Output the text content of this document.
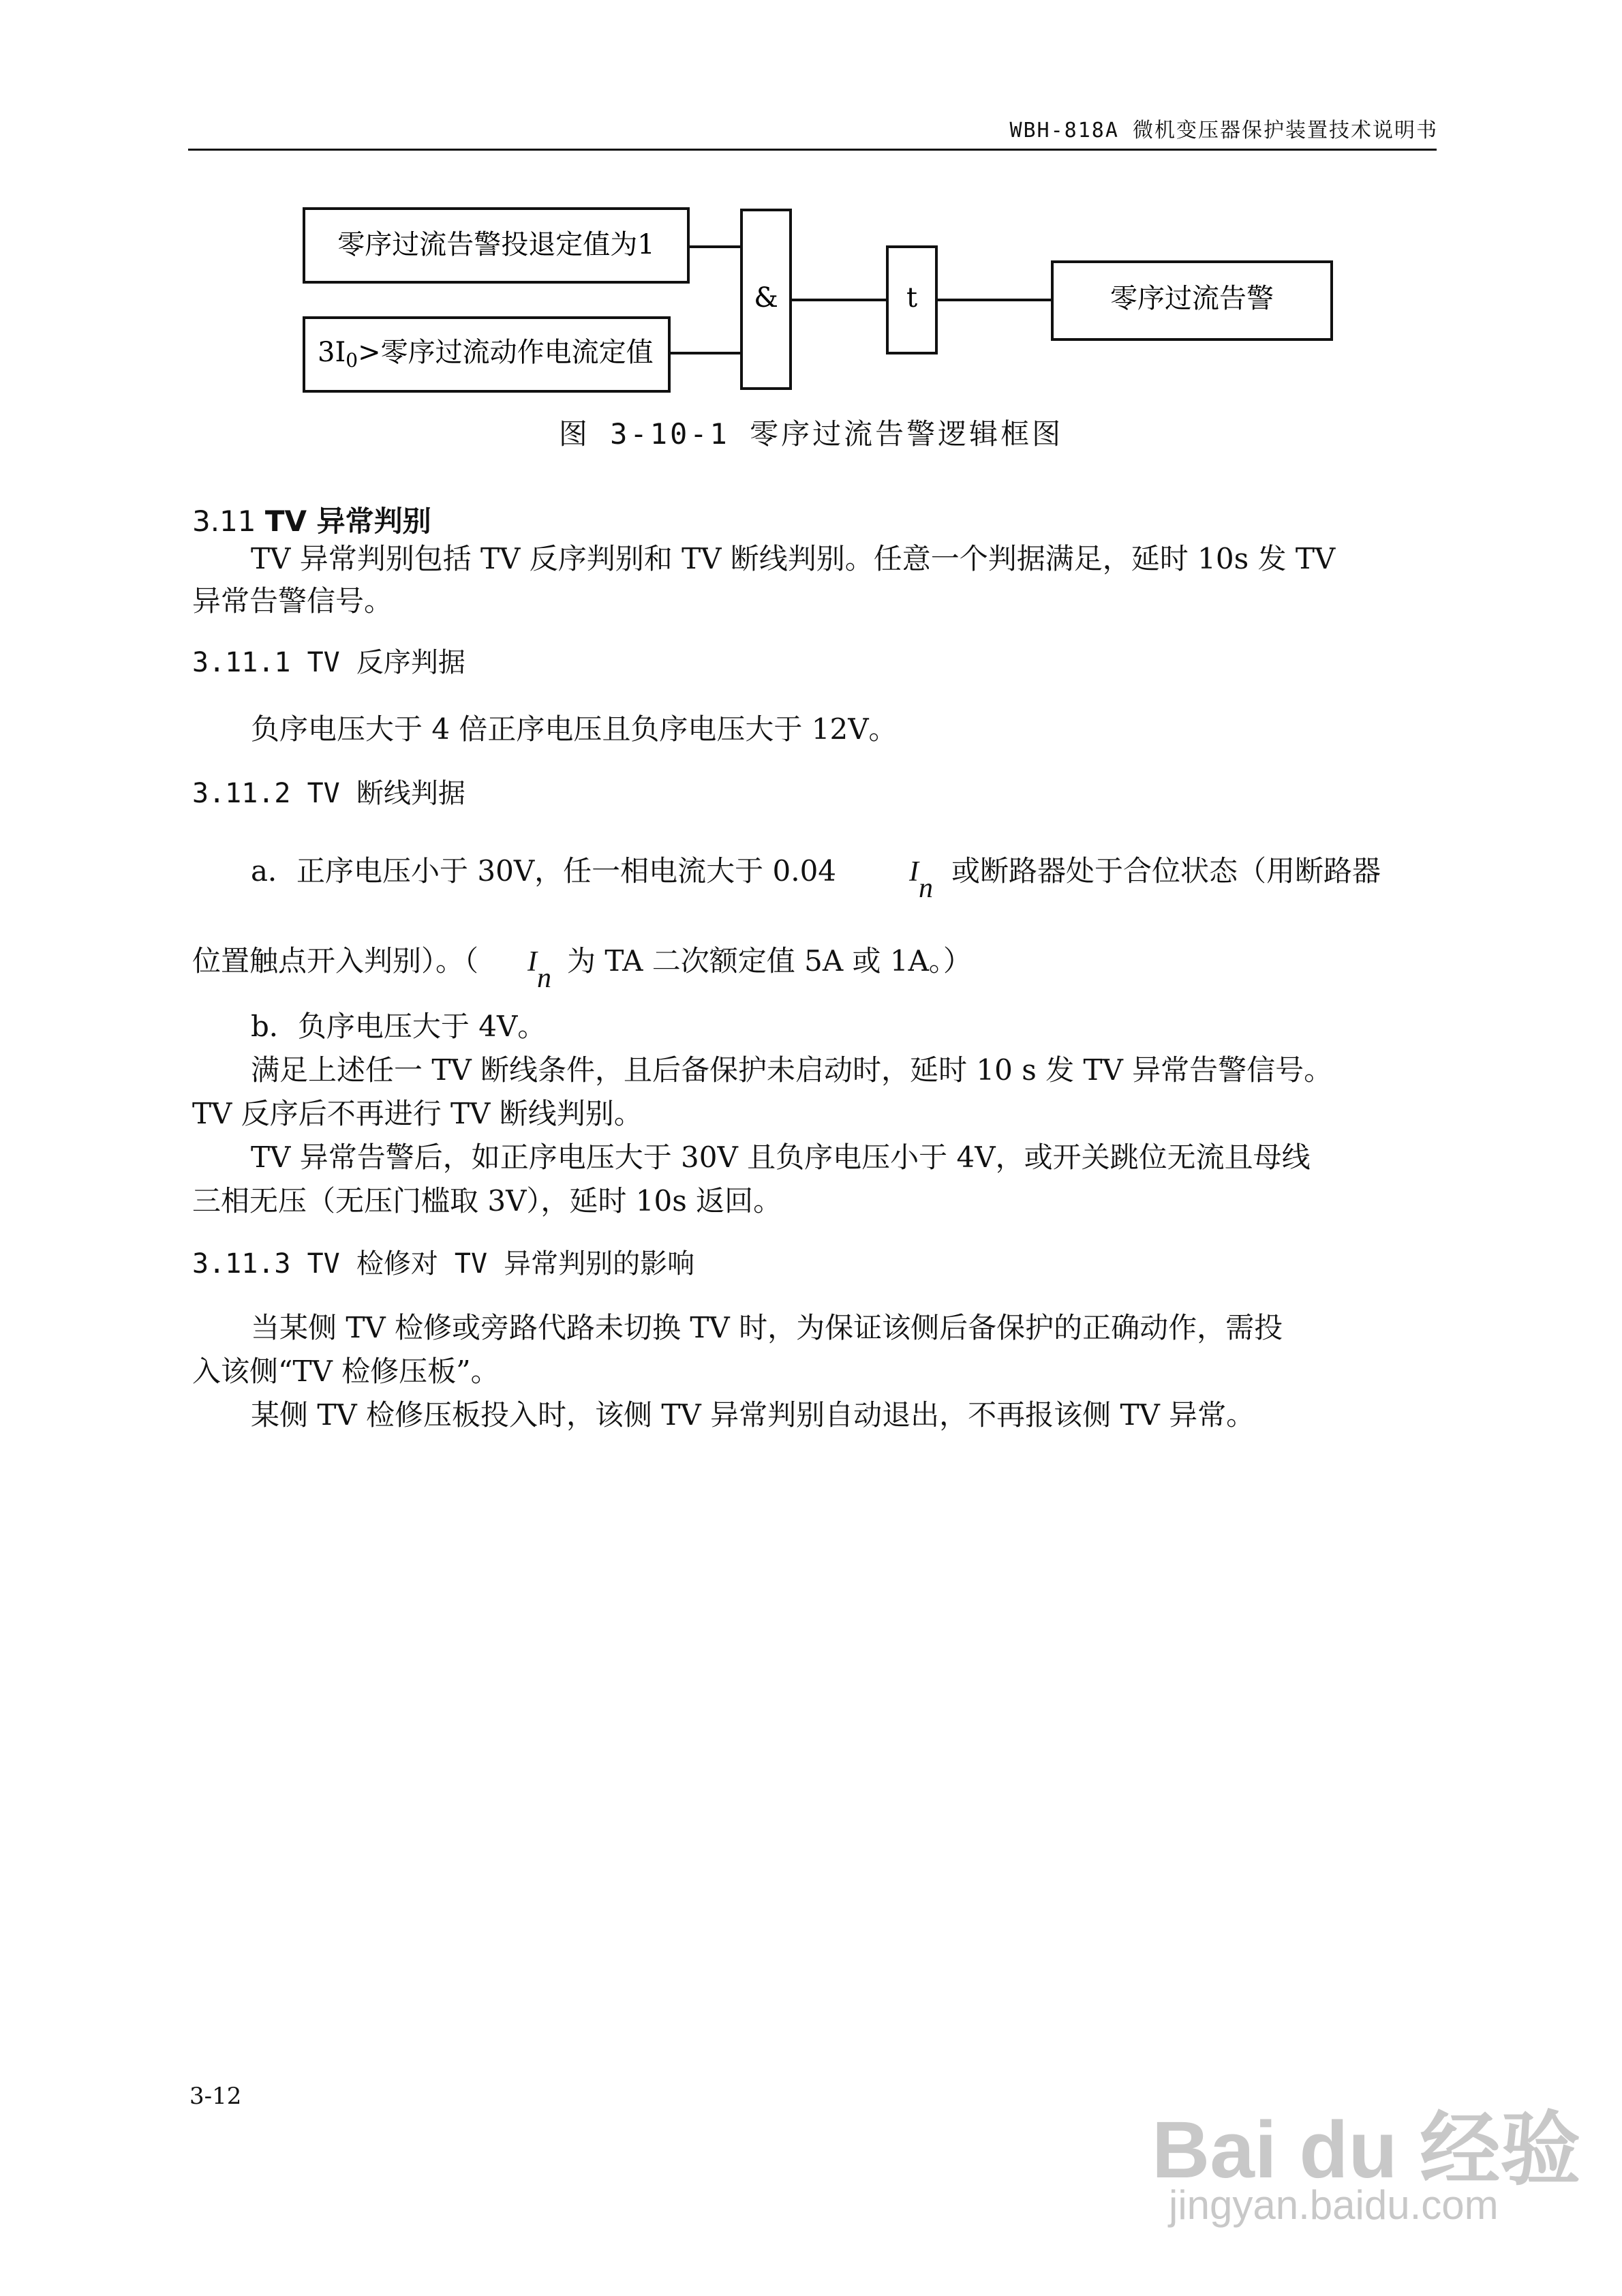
WBH-818A 微机变压器保护装置技术说明书
零序过流告警投退定值为1
$3I_0>$零序过流动作电流定值
&	t	零序过流告警
图 3-10-1 零序过流告警逻辑框图
3.11 TV 异常判别
TV 异常判别包括 TV 反序判别和 TV 断线判别。任意一个判据满足，延时 10s 发 TV
异常告警信号。
3.11.1 TV 反序判据
负序电压大于 4 倍正序电压且负序电压大于 12V。
3.11.2 TV 断线判据
a．正序电压小于 30V，任一相电流大于 0.04	In
或断路器处于合位状态（用断路器
位置触点开入判别）。（ In
为 TA 二次额定值 5A 或 1A。）
b．负序电压大于 4V。
满足上述任一 TV 断线条件，且后备保护未启动时，延时 10 s 发 TV 异常告警信号。
TV 反序后不再进行 TV 断线判别。
TV 异常告警后，如正序电压大于 30V 且负序电压小于 4V，或开关跳位无流且母线
三相无压（无压门槛取 3V），延时 10s 返回。
3.11.3 TV 检修对 TV 异常判别的影响
当某侧 TV 检修或旁路代路未切换 TV 时，为保证该侧后备保护的正确动作，需投
入该侧“TV 检修压板”。
某侧 TV 检修压板投入时，该侧 TV 异常判别自动退出，不再报该侧 TV 异常。
3-12
Bai du 经验
jingyan.baidu.com
